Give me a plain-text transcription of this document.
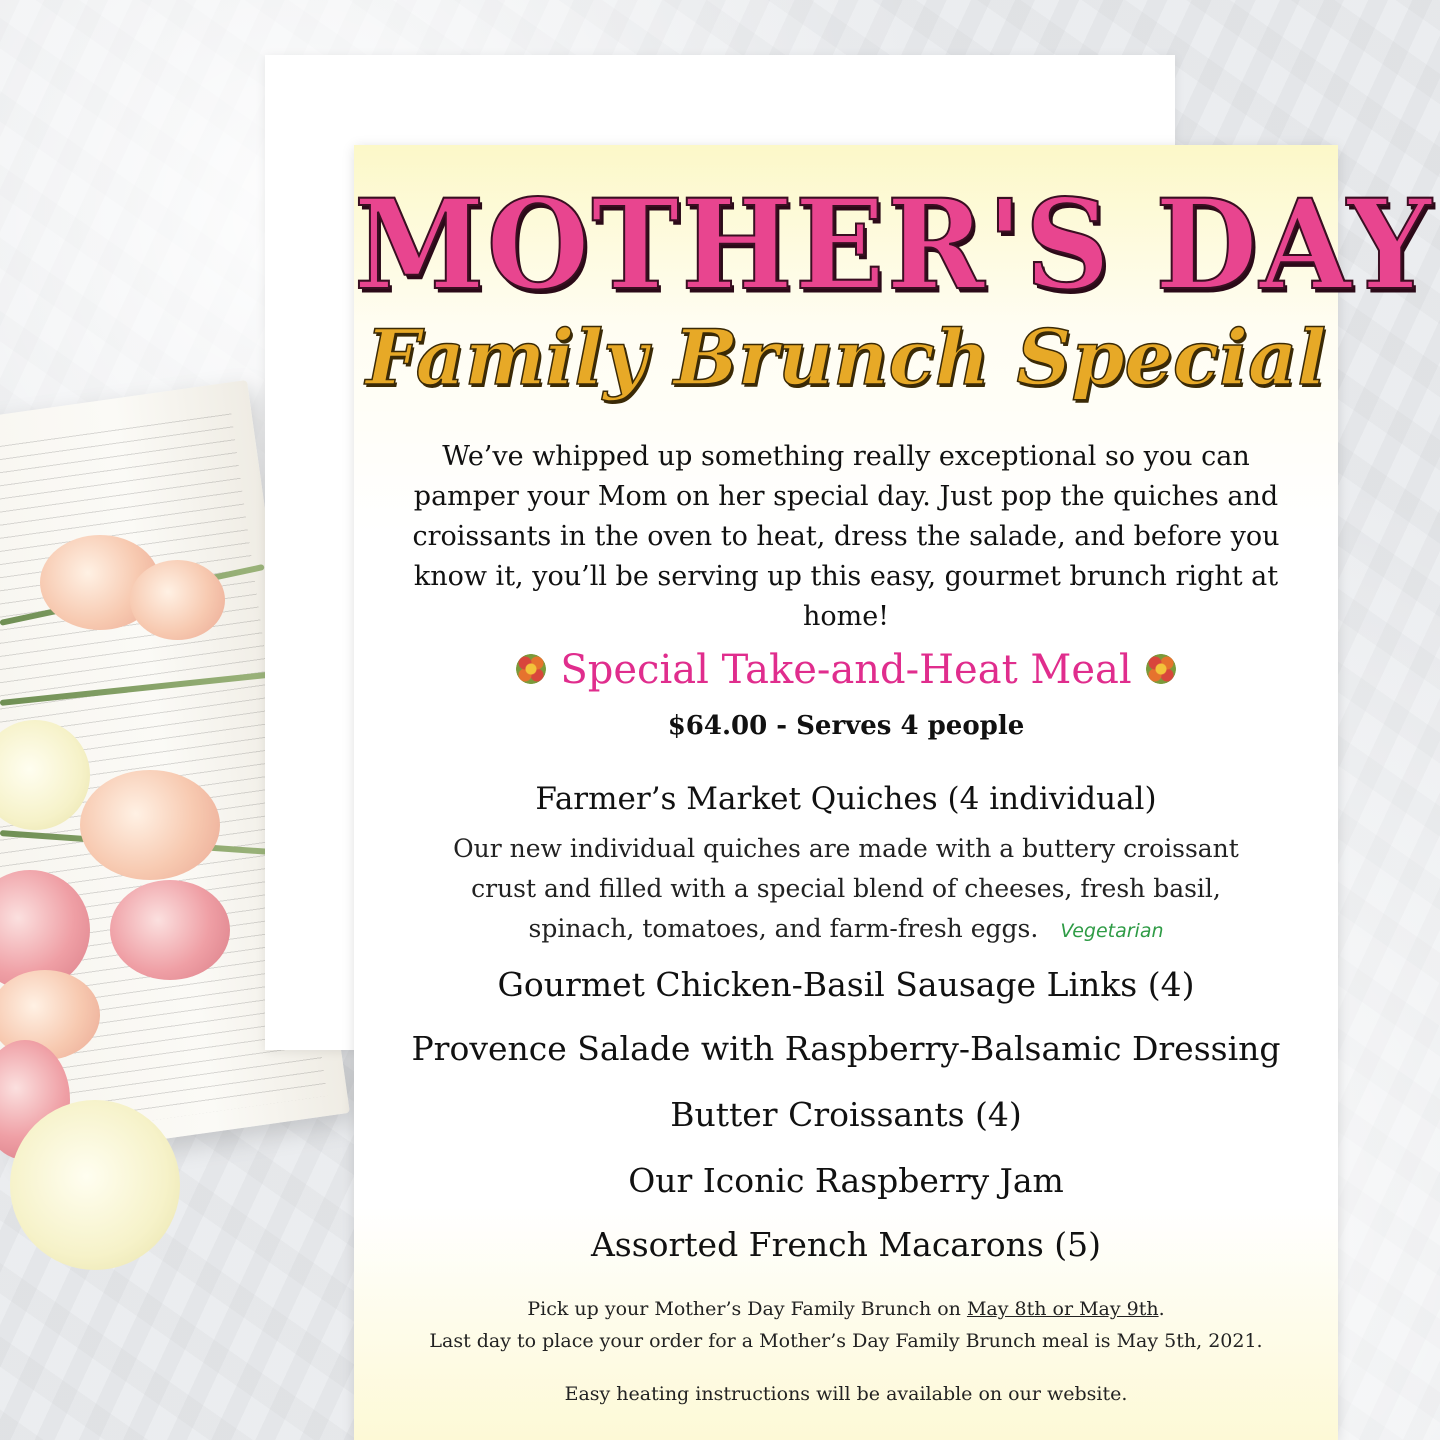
MOTHER'S DAY
Family Brunch Special

We’ve whipped up something really exceptional so you can pamper your Mom on her special day. Just pop the quiches and croissants in the oven to heat, dress the salade, and before you know it, you’ll be serving up this easy, gourmet brunch right at home!

Special Take-and-Heat Meal

$64.00 - Serves 4 people

Farmer’s Market Quiches (4 individual)

Our new individual quiches are made with a buttery croissant crust and filled with a special blend of cheeses, fresh basil, spinach, tomatoes, and farm-fresh eggs. Vegetarian

Gourmet Chicken-Basil Sausage Links (4)

Provence Salade with Raspberry-Balsamic Dressing

Butter Croissants (4)

Our Iconic Raspberry Jam

Assorted French Macarons (5)

Pick up your Mother’s Day Family Brunch on May 8th or May 9th.
Last day to place your order for a Mother’s Day Family Brunch meal is May 5th, 2021.

Easy heating instructions will be available on our website.
